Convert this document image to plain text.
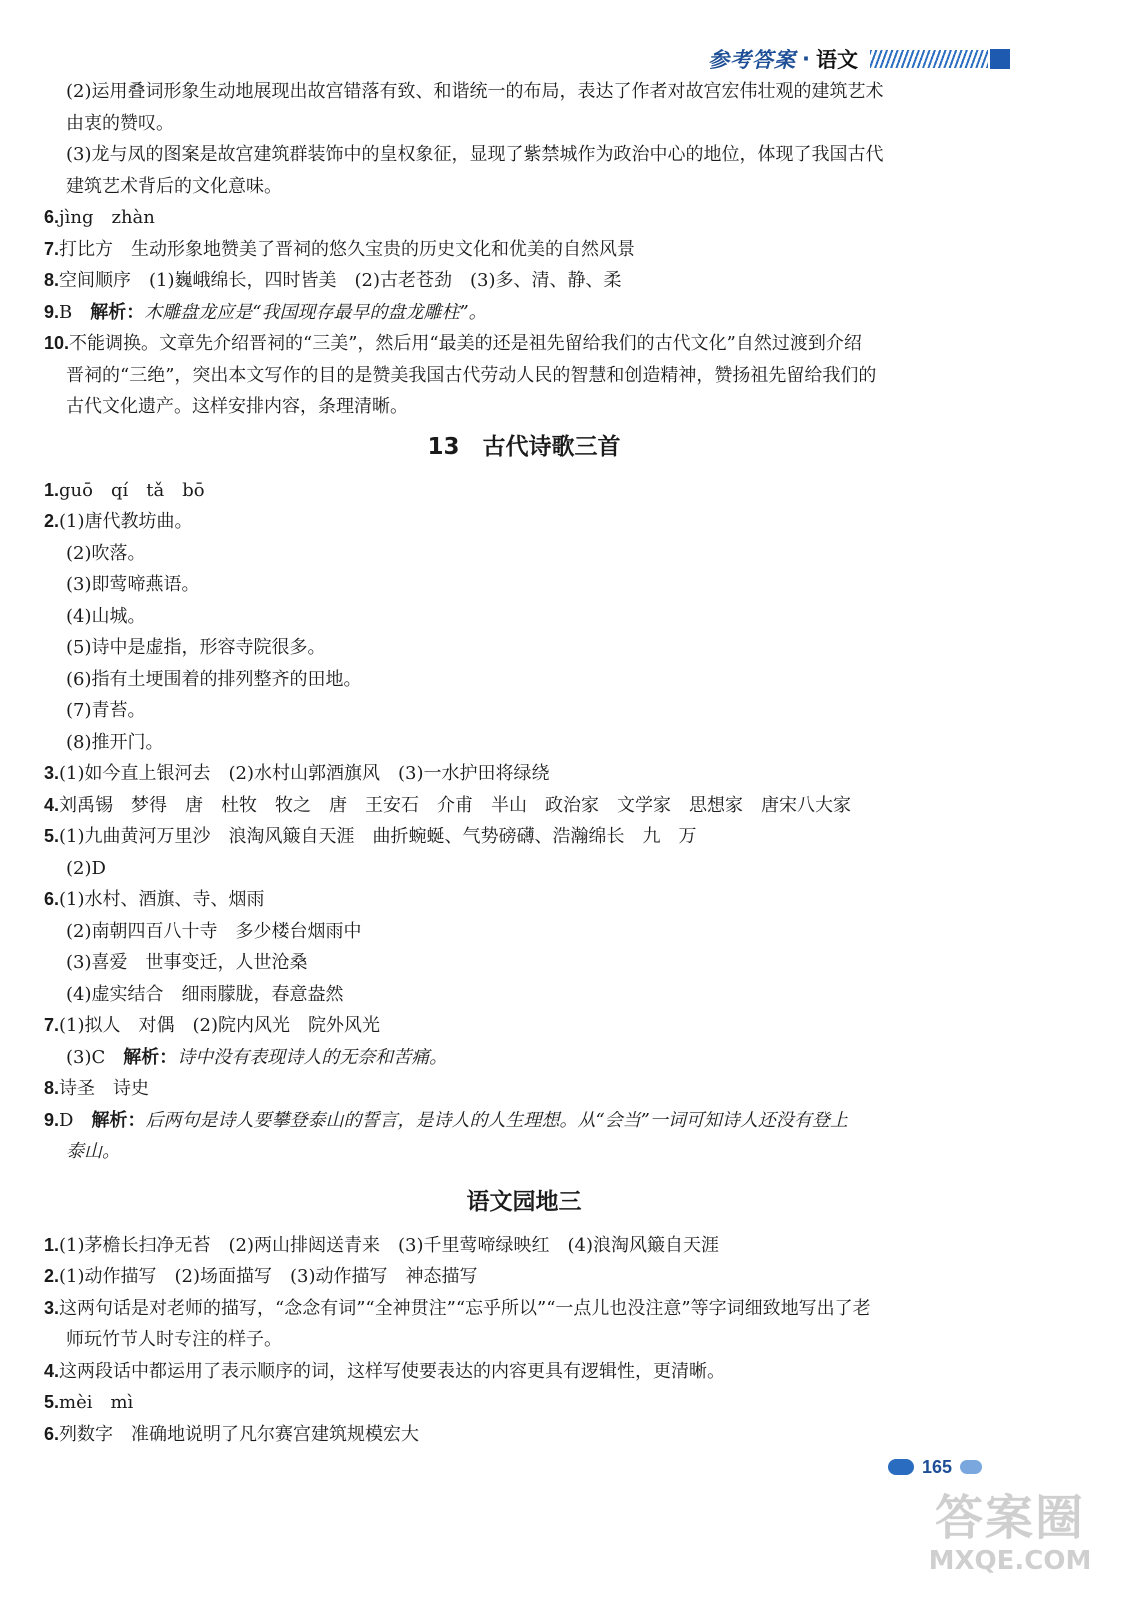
参考答案 · 语文
(2)运用叠词形象生动地展现出故宫错落有致、和谐统一的布局，表达了作者对故宫宏伟壮观的建筑艺术
由衷的赞叹。
(3)龙与凤的图案是故宫建筑群装饰中的皇权象征，显现了紫禁城作为政治中心的地位，体现了我国古代
建筑艺术背后的文化意味。
6.jìng　zhàn
7.打比方　生动形象地赞美了晋祠的悠久宝贵的历史文化和优美的自然风景
8.空间顺序　(1)巍峨绵长，四时皆美　(2)古老苍劲　(3)多、清、静、柔
9.B　解析：木雕盘龙应是“我国现存最早的盘龙雕柱”。
10.不能调换。文章先介绍晋祠的“三美”，然后用“最美的还是祖先留给我们的古代文化”自然过渡到介绍
晋祠的“三绝”，突出本文写作的目的是赞美我国古代劳动人民的智慧和创造精神，赞扬祖先留给我们的
古代文化遗产。这样安排内容，条理清晰。
13　古代诗歌三首
1.guō　qí　tǎ　bō
2.(1)唐代教坊曲。
(2)吹落。
(3)即莺啼燕语。
(4)山城。
(5)诗中是虚指，形容寺院很多。
(6)指有土埂围着的排列整齐的田地。
(7)青苔。
(8)推开门。
3.(1)如今直上银河去　(2)水村山郭酒旗风　(3)一水护田将绿绕
4.刘禹锡　梦得　唐　杜牧　牧之　唐　王安石　介甫　半山　政治家　文学家　思想家　唐宋八大家
5.(1)九曲黄河万里沙　浪淘风簸自天涯　曲折蜿蜒、气势磅礴、浩瀚绵长　九　万
(2)D
6.(1)水村、酒旗、寺、烟雨
(2)南朝四百八十寺　多少楼台烟雨中
(3)喜爱　世事变迁，人世沧桑
(4)虚实结合　细雨朦胧，春意盎然
7.(1)拟人　对偶　(2)院内风光　院外风光
(3)C　解析：诗中没有表现诗人的无奈和苦痛。
8.诗圣　诗史
9.D　解析：后两句是诗人要攀登泰山的誓言，是诗人的人生理想。从“会当”一词可知诗人还没有登上
泰山。
语文园地三
1.(1)茅檐长扫净无苔　(2)两山排闼送青来　(3)千里莺啼绿映红　(4)浪淘风簸自天涯
2.(1)动作描写　(2)场面描写　(3)动作描写　神态描写
3.这两句话是对老师的描写，“念念有词”“全神贯注”“忘乎所以”“一点儿也没注意”等字词细致地写出了老
师玩竹节人时专注的样子。
4.这两段话中都运用了表示顺序的词，这样写使要表达的内容更具有逻辑性，更清晰。
5.mèi　mì
6.列数字　准确地说明了凡尔赛宫建筑规模宏大
165
答案圈
MXQE.COM
